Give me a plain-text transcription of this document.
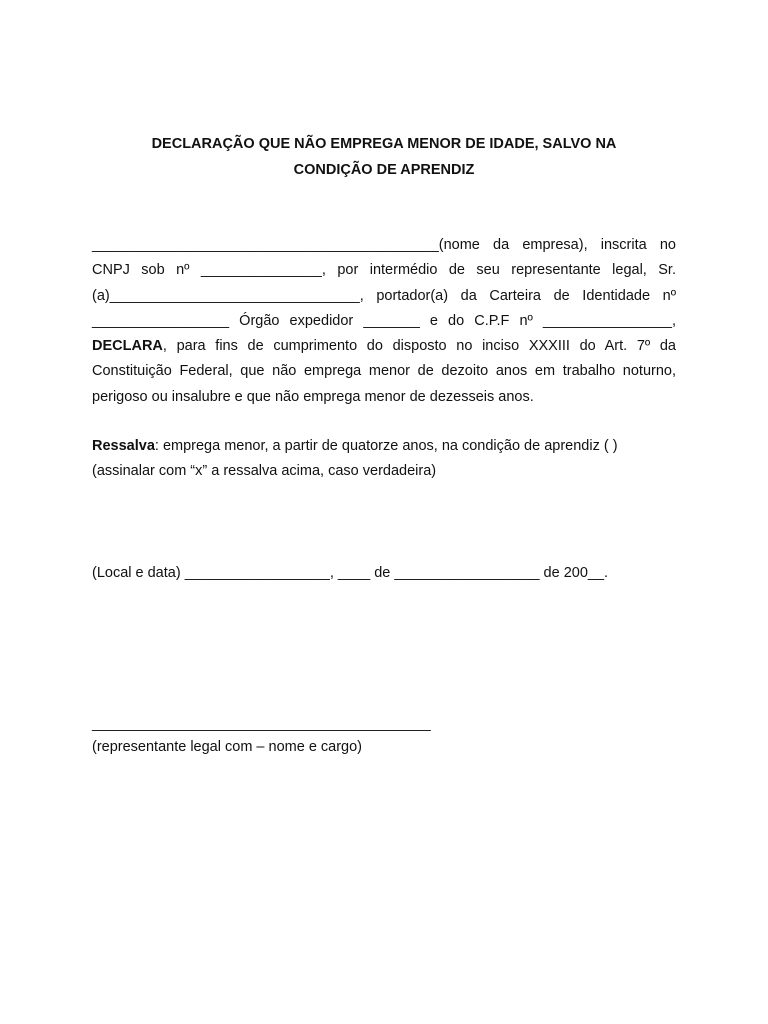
DECLARAÇÃO QUE NÃO EMPREGA MENOR DE IDADE, SALVO NA
CONDIÇÃO DE APRENDIZ
___________________________________________(nome da empresa), inscrita no
CNPJ sob nº _______________, por intermédio de seu representante legal, Sr.
(a)_______________________________, portador(a) da Carteira de Identidade nº
_________________ Órgão expedidor _______ e do C.P.F nº ________________,
DECLARA, para fins de cumprimento do disposto no inciso XXXIII do Art. 7º da
Constituição Federal, que não emprega menor de dezoito anos em trabalho noturno,
perigoso ou insalubre e que não emprega menor de dezesseis anos.
Ressalva: emprega menor, a partir de quatorze anos, na condição de aprendiz ( )
(assinalar com “x” a ressalva acima, caso verdadeira)
(Local e data) __________________, ____ de __________________ de 200__.
__________________________________________
(representante legal com – nome e cargo)
